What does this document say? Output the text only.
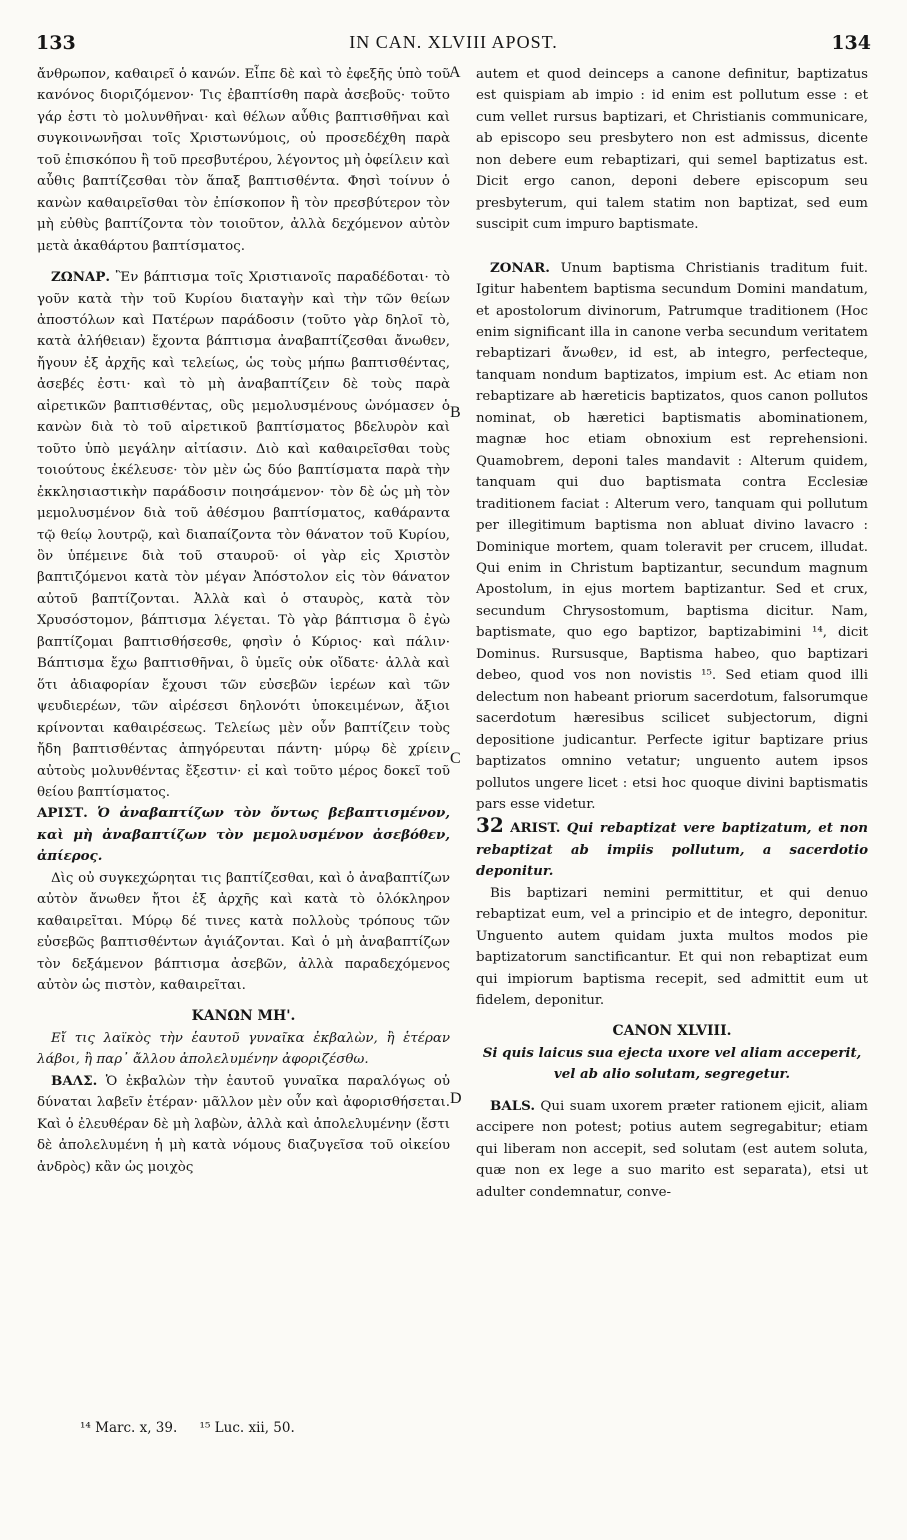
133	IN CAN. XLVIII APOST.	134
A
B
C
D

ἄνθρωπον, καθαιρεῖ ὁ κανών. Εἶπε δὲ καὶ τὸ ἐφεξῆς ὑπὸ τοῦ κανόνος διοριζόμενον· Τις ἐβαπτίσθη παρὰ ἀσεβοῦς· τοῦτο γάρ ἐστι τὸ μολυνθῆναι· καὶ θέλων αὖθις βαπτισθῆναι καὶ συγκοινωνῆσαι τοῖς Χριστωνύμοις, οὐ προσεδέχθη παρὰ τοῦ ἐπισκόπου ἢ τοῦ πρεσβυτέρου, λέγοντος μὴ ὀφείλειν καὶ αὖθις βαπτίζεσθαι τὸν ἅπαξ βαπτισθέντα. Φησὶ τοίνυν ὁ κανὼν καθαιρεῖσθαι τὸν ἐπίσκοπον ἢ τὸν πρεσβύτερον τὸν μὴ εὐθὺς βαπτίζοντα τὸν τοιοῦτον, ἀλλὰ δεχόμενον αὐτὸν μετὰ ἀκαθάρτου βαπτίσματος.

ΖΩΝΑΡ. Ἓν βάπτισμα τοῖς Χριστιανοῖς παραδέδοται· τὸ γοῦν κατὰ τὴν τοῦ Κυρίου διαταγὴν καὶ τὴν τῶν θείων ἀποστόλων καὶ Πατέρων παράδοσιν (τοῦτο γὰρ δηλοῖ τὸ, κατὰ ἀλήθειαν) ἔχοντα βάπτισμα ἀναβαπτίζεσθαι ἄνωθεν, ἤγουν ἐξ ἀρχῆς καὶ τελείως, ὡς τοὺς μήπω βαπτισθέντας, ἀσεβές ἐστι· καὶ τὸ μὴ ἀναβαπτίζειν δὲ τοὺς παρὰ αἱρετικῶν βαπτισθέντας, οὓς μεμολυσμένους ὠνόμασεν ὁ κανὼν διὰ τὸ τοῦ αἱρετικοῦ βαπτίσματος βδελυρὸν καὶ τοῦτο ὑπὸ μεγάλην αἰτίασιν. Διὸ καὶ καθαιρεῖσθαι τοὺς τοιούτους ἐκέλευσε· τὸν μὲν ὡς δύο βαπτίσματα παρὰ τὴν ἐκκλησιαστικὴν παράδοσιν ποιησάμενον· τὸν δὲ ὡς μὴ τὸν μεμολυσμένον διὰ τοῦ ἀθέσμου βαπτίσματος, καθάραντα τῷ θείῳ λουτρῷ, καὶ διαπαίζοντα τὸν θάνατον τοῦ Κυρίου, ὃν ὑπέμεινε διὰ τοῦ σταυροῦ· οἱ γὰρ εἰς Χριστὸν βαπτιζόμενοι κατὰ τὸν μέγαν Ἀπόστολον εἰς τὸν θάνατον αὐτοῦ βαπτίζονται. Ἀλλὰ καὶ ὁ σταυρὸς, κατὰ τὸν Χρυσόστομον, βάπτισμα λέγεται. Τὸ γὰρ βάπτισμα ὃ ἐγὼ βαπτίζομαι βαπτισθήσεσθε, φησὶν ὁ Κύριος· καὶ πάλιν· Βάπτισμα ἔχω βαπτισθῆναι, ὃ ὑμεῖς οὐκ οἴδατε· ἀλλὰ καὶ ὅτι ἀδιαφορίαν ἔχουσι τῶν εὐσεβῶν ἱερέων καὶ τῶν ψευδιερέων, τῶν αἱρέσεσι δηλονότι ὑποκειμένων, ἄξιοι κρίνονται καθαιρέσεως. Τελείως μὲν οὖν βαπτίζειν τοὺς ἤδη βαπτισθέντας ἀπηγόρευται πάντη· μύρῳ δὲ χρίειν αὐτοὺς μολυνθέντας ἔξεστιν· εἰ καὶ τοῦτο μέρος δοκεῖ τοῦ θείου βαπτίσματος.

ΑΡΙΣΤ. Ὁ ἀναβαπτίζων τὸν ὄντως βεβαπτισμένον, καὶ μὴ ἀναβαπτίζων τὸν μεμολυσμένον ἀσεβόθεν, ἀπίερος.

Δὶς οὐ συγκεχώρηται τις βαπτίζεσθαι, καὶ ὁ ἀναβαπτίζων αὐτὸν ἄνωθεν ἤτοι ἐξ ἀρχῆς καὶ κατὰ τὸ ὁλόκληρον καθαιρεῖται. Μύρῳ δέ τινες κατὰ πολλοὺς τρόπους τῶν εὐσεβῶς βαπτισθέντων ἁγιάζονται. Καὶ ὁ μὴ ἀναβαπτίζων τὸν δεξάμενον βάπτισμα ἀσεβῶν, ἀλλὰ παραδεχόμενος αὐτὸν ὡς πιστὸν, καθαιρεῖται.

ΚΑΝΩΝ ΜΗ'.

Εἴ τις λαϊκὸς τὴν ἑαυτοῦ γυναῖκα ἐκβαλὼν, ἢ ἑτέραν λάβοι, ἢ παρ᾽ ἄλλου ἀπολελυμένην ἀφοριζέσθω.

ΒΑΛΣ. Ὁ ἐκβαλὼν τὴν ἑαυτοῦ γυναῖκα παραλόγως οὐ δύναται λαβεῖν ἑτέραν· μᾶλλον μὲν οὖν καὶ ἀφορισθήσεται. Καὶ ὁ ἐλευθέραν δὲ μὴ λαβὼν, ἀλλὰ καὶ ἀπολελυμένην (ἔστι δὲ ἀπολελυμένη ἡ μὴ κατὰ νόμους διαζυγεῖσα τοῦ οἰκείου ἀνδρὸς) κἂν ὡς μοιχὸς

autem et quod deinceps a canone definitur, baptizatus est quispiam ab impio : id enim est pollutum esse : et cum vellet rursus baptizari, et Christianis communicare, ab episcopo seu presbytero non est admissus, dicente non debere eum rebaptizari, qui semel baptizatus est. Dicit ergo canon, deponi debere episcopum seu presbyterum, qui talem statim non baptizat, sed eum suscipit cum impuro baptismate.

ZONAR. Unum baptisma Christianis traditum fuit. Igitur habentem baptisma secundum Domini mandatum, et apostolorum divinorum, Patrumque traditionem (Hoc enim significant illa in canone verba secundum veritatem rebaptizari ἄνωθεν, id est, ab integro, perfecteque, tanquam nondum baptizatos, impium est. Ac etiam non rebaptizare ab hæreticis baptizatos, quos canon pollutos nominat, ob hæretici baptismatis abominationem, magnæ hoc etiam obnoxium est reprehensioni. Quamobrem, deponi tales mandavit : Alterum quidem, tanquam qui duo baptismata contra Ecclesiæ traditionem faciat : Alterum vero, tanquam qui pollutum per illegitimum baptisma non abluat divino lavacro : Dominique mortem, quam toleravit per crucem, illudat. Qui enim in Christum baptizantur, secundum magnum Apostolum, in ejus mortem baptizantur. Sed et crux, secundum Chrysostomum, baptisma dicitur. Nam, baptismate, quo ego baptizor, baptizabimini ¹⁴, dicit Dominus. Rursusque, Baptisma habeo, quo baptizari debeo, quod vos non novistis ¹⁵. Sed etiam quod illi delectum non habeant priorum sacerdotum, falsorumque sacerdotum hæresibus scilicet subjectorum, digni depositione judicantur. Perfecte igitur baptizare prius baptizatos omnino vetatur; unguento autem ipsos pollutos ungere licet : etsi hoc quoque divini baptismatis pars esse videtur.

32 ARIST. Qui rebaptizat vere baptizatum, et non rebaptizat ab impiis pollutum, a sacerdotio deponitur.

Bis baptizari nemini permittitur, et qui denuo rebaptizat eum, vel a principio et de integro, deponitur. Unguento autem quidam juxta multos modos pie baptizatorum sanctificantur. Et qui non rebaptizat eum qui impiorum baptisma recepit, sed admittit eum ut fidelem, deponitur.

CANON XLVIII.

Si quis laicus sua ejecta uxore vel aliam acceperit, vel ab alio solutam, segregetur.

BALS. Qui suam uxorem præter rationem ejicit, aliam accipere non potest; potius autem segregabitur; etiam qui liberam non accepit, sed solutam (est autem soluta, quæ non ex lege a suo marito est separata), etsi ut adulter condemnatur, conve-

¹⁴ Marc. x, 39. ¹⁵ Luc. xii, 50.
